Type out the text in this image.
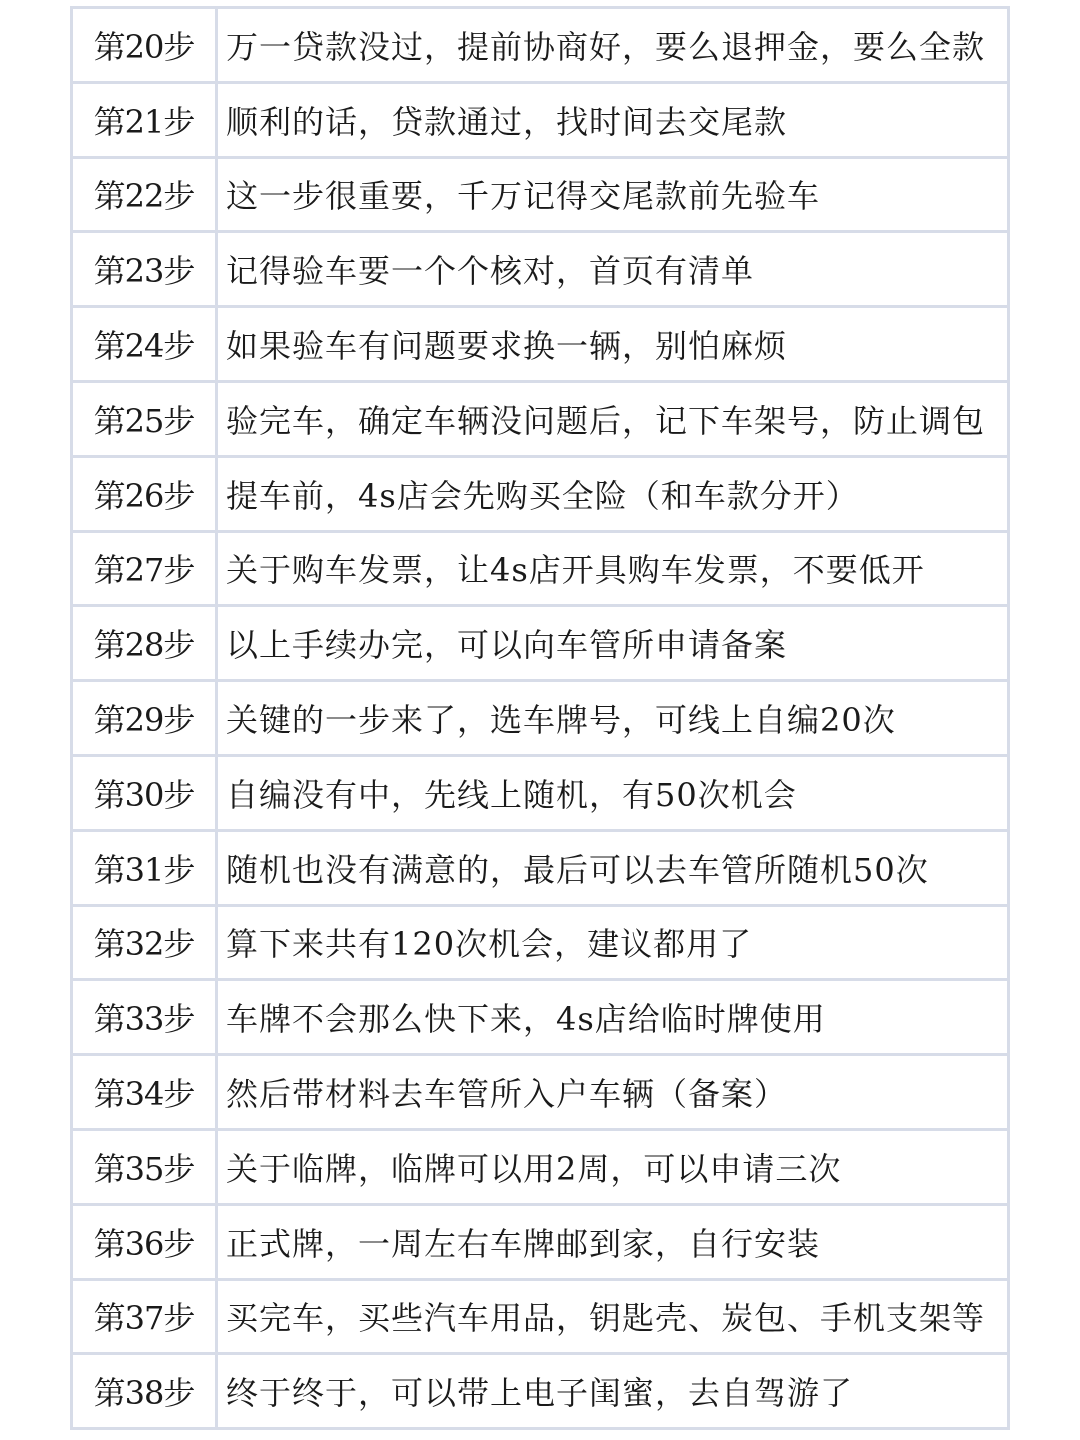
第20步	万一贷款没过，提前协商好，要么退押金，要么全款
第21步	顺利的话，贷款通过，找时间去交尾款
第22步	这一步很重要，千万记得交尾款前先验车
第23步	记得验车要一个个核对，首页有清单
第24步	如果验车有问题要求换一辆，别怕麻烦
第25步	验完车，确定车辆没问题后，记下车架号，防止调包
第26步	提车前，4s店会先购买全险（和车款分开）
第27步	关于购车发票，让4s店开具购车发票，不要低开
第28步	以上手续办完，可以向车管所申请备案
第29步	关键的一步来了，选车牌号，可线上自编20次
第30步	自编没有中，先线上随机，有50次机会
第31步	随机也没有满意的，最后可以去车管所随机50次
第32步	算下来共有120次机会，建议都用了
第33步	车牌不会那么快下来，4s店给临时牌使用
第34步	然后带材料去车管所入户车辆（备案）
第35步	关于临牌，临牌可以用2周，可以申请三次
第36步	正式牌，一周左右车牌邮到家，自行安装
第37步	买完车，买些汽车用品，钥匙壳、炭包、手机支架等
第38步	终于终于，可以带上电子闺蜜，去自驾游了
